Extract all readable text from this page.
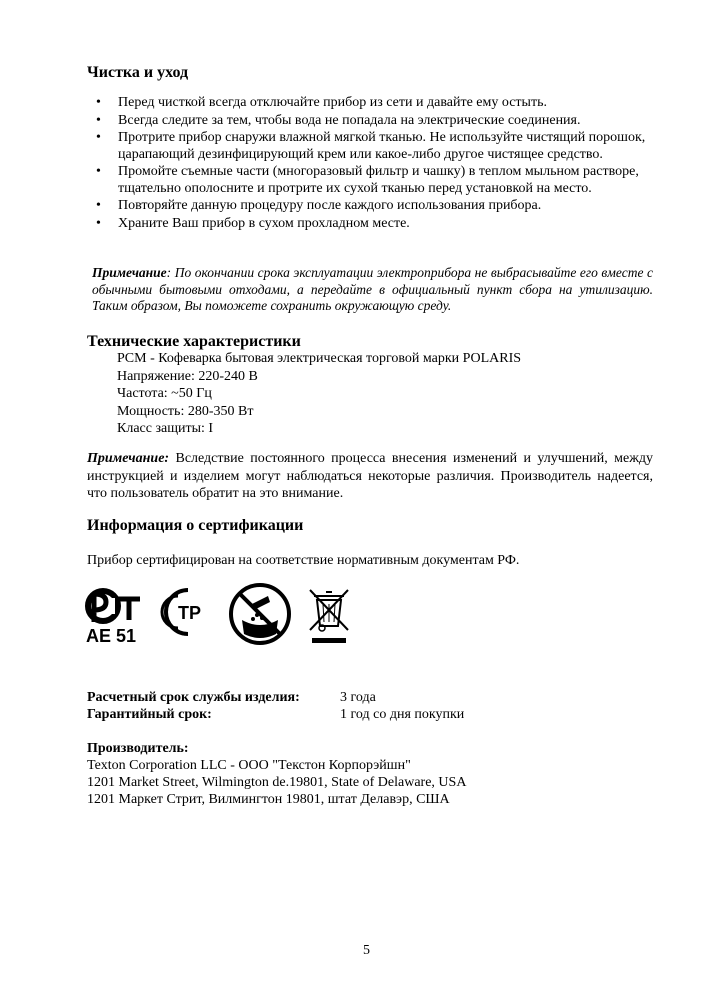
Чистка и уход
• Перед чисткой всегда отключайте прибор из сети и давайте ему остыть.
• Всегда следите за тем, чтобы вода не попадала на электрические соединения.
• Протрите прибор снаружи влажной мягкой тканью. Не используйте чистящий порошок, царапающий дезинфицирующий крем или какое-либо другое чистящее средство.
• Промойте съемные части (многоразовый фильтр и чашку) в теплом мыльном растворе, тщательно ополосните и протрите их сухой тканью перед установкой на место.
• Повторяйте данную процедуру после каждого использования прибора.
• Храните Ваш прибор в сухом прохладном месте.
Примечание: По окончании срока эксплуатации электроприбора не выбрасывайте его вместе с обычными бытовыми отходами, а передайте в официальный пункт сбора на утилизацию. Таким образом, Вы поможете сохранить окружающую среду.
Технические характеристики
PCM - Кофеварка бытовая электрическая торговой марки POLARIS
Напряжение: 220-240 В
Частота: ~50 Гц
Мощность: 280-350 Вт
Класс защиты: I
Примечание: Вследствие постоянного процесса внесения изменений и улучшений, между инструкцией и изделием могут наблюдаться некоторые различия. Производитель надеется, что пользователь обратит на это внимание.
Информация о сертификации
Прибор сертифицирован на соответствие нормативным документам РФ.
AE 51
ТР
Расчетный срок службы изделия:	3 года
Гарантийный срок:	1 год со дня покупки
Производитель:
Texton Corporation LLC - ООО "Текстон Корпорэйшн"
1201 Market Street, Wilmington de.19801, State of Delaware, USA
1201 Маркет Стрит, Вилмингтон 19801, штат Делавэр, США
5
